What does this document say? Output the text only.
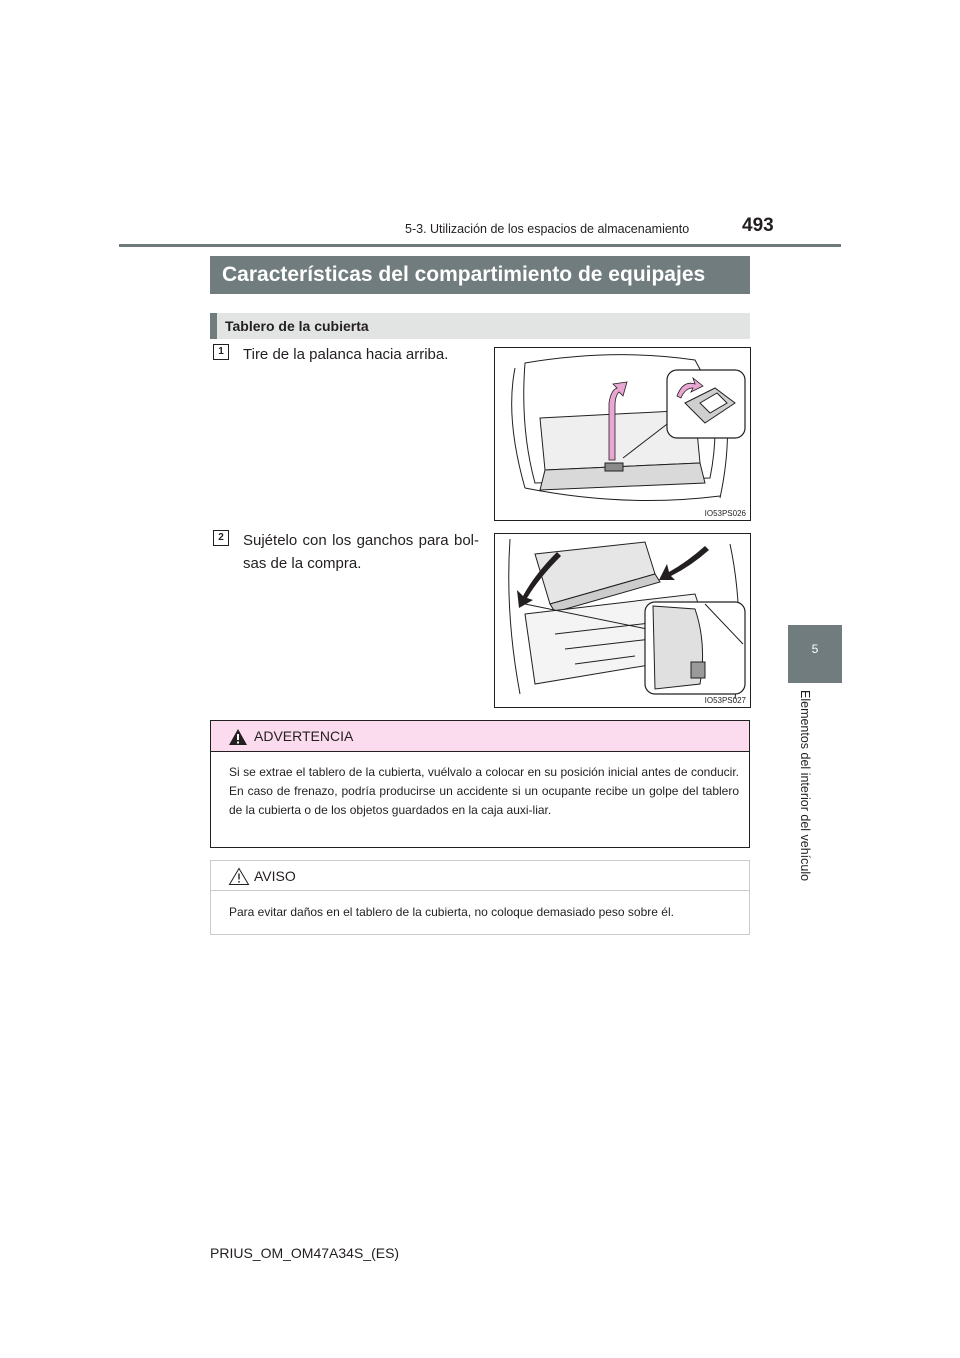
5-3. Utilización de los espacios de almacenamiento	493
5
Elementos del interior del vehículo
Características del compartimiento de equipajes
Tablero de la cubierta
1	Tire de la palanca hacia arriba.
IO53PS026
2	Sujételo con los ganchos para bol-
sas de la compra.
IO53PS027
ADVERTENCIA
Si se extrae el tablero de la cubierta, vuélvalo a colocar en su posición inicial antes de conducir. En caso de frenazo, podría producirse un accidente si un ocupante recibe un golpe del tablero de la cubierta o de los objetos guardados en la caja auxi-liar.
AVISO
Para evitar daños en el tablero de la cubierta, no coloque demasiado peso sobre él.
PRIUS_OM_OM47A34S_(ES)
